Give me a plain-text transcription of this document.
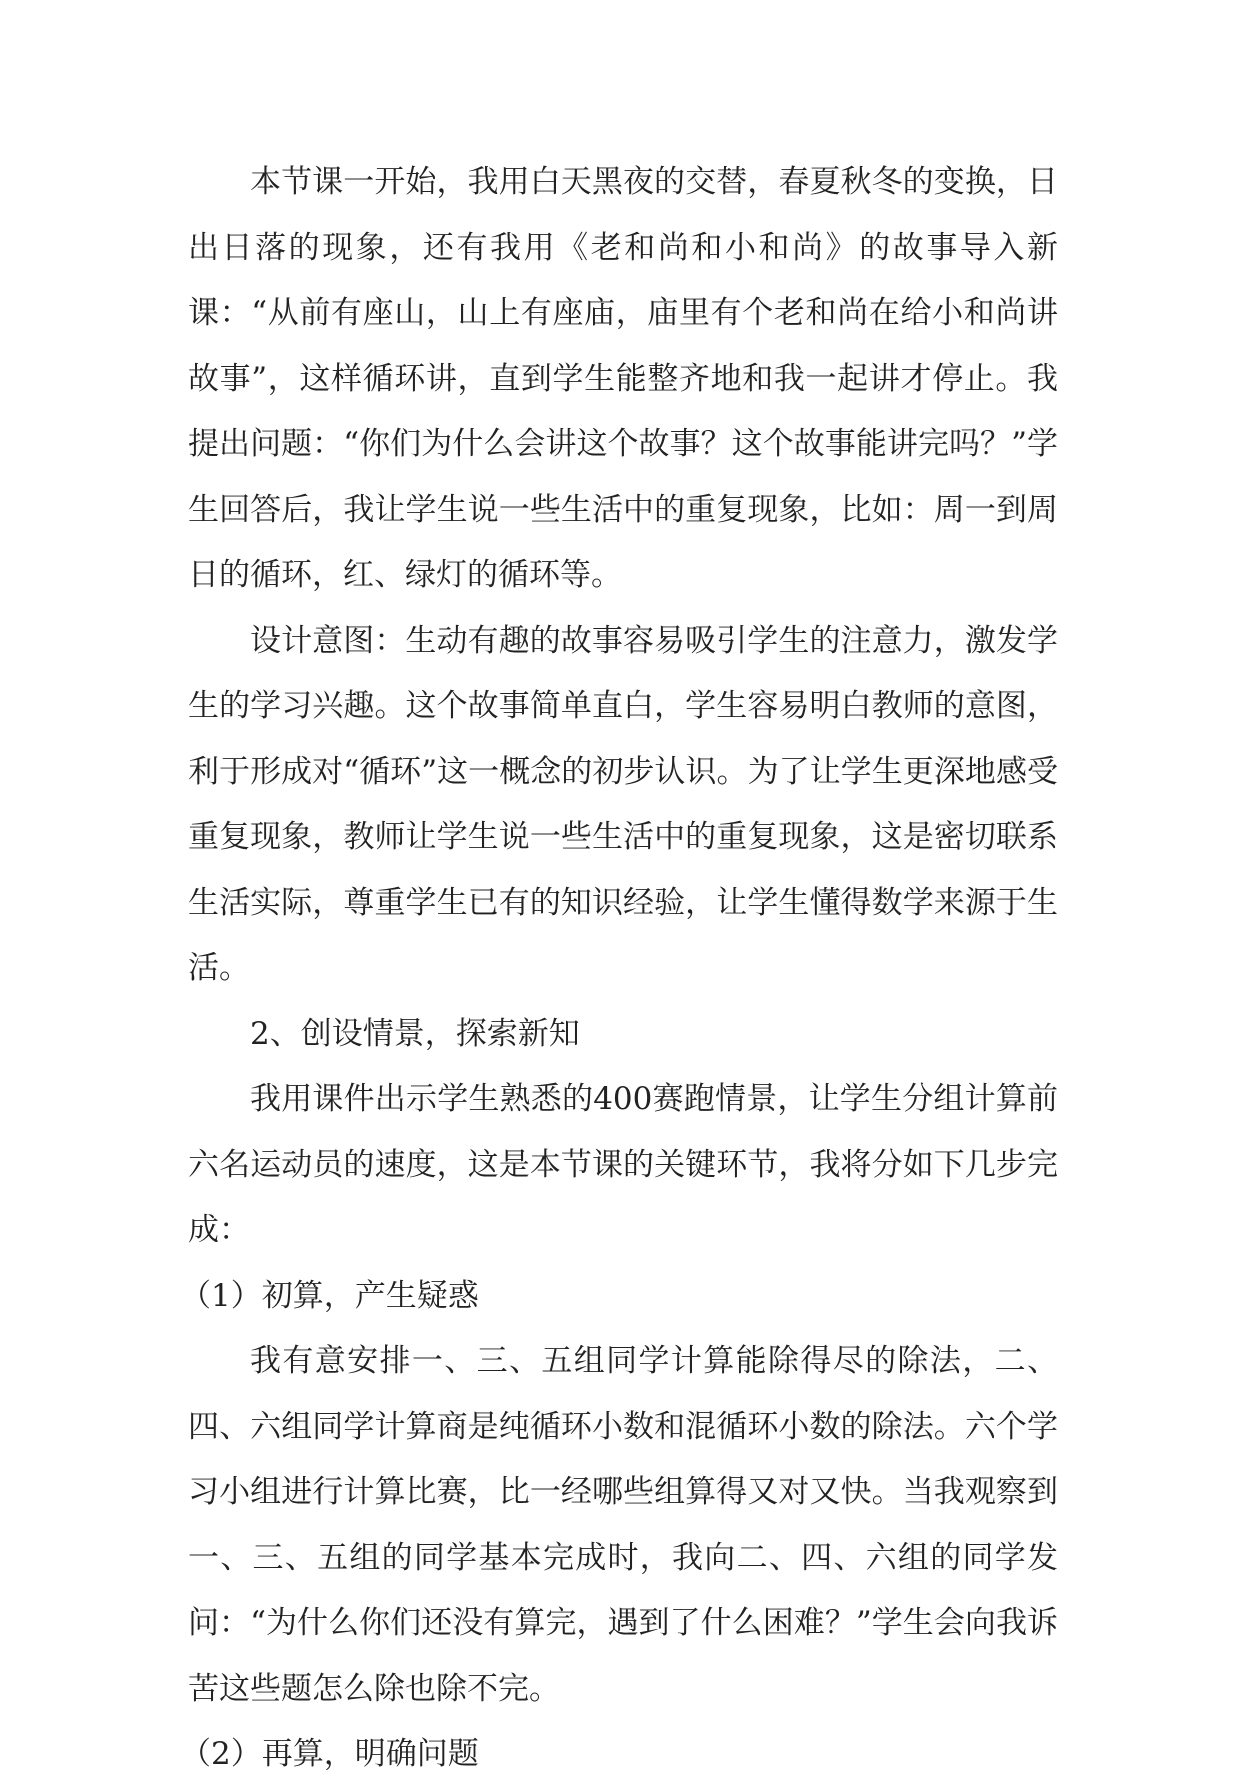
本节课一开始，我用白天黑夜的交替，春夏秋冬的变换，日出日落的现象，还有我用《老和尚和小和尚》的故事导入新课：“从前有座山，山上有座庙，庙里有个老和尚在给小和尚讲故事”，这样循环讲，直到学生能整齐地和我一起讲才停止。我提出问题：“你们为什么会讲这个故事？这个故事能讲完吗？”学生回答后，我让学生说一些生活中的重复现象，比如：周一到周日的循环，红、绿灯的循环等。

设计意图：生动有趣的故事容易吸引学生的注意力，激发学生的学习兴趣。这个故事简单直白，学生容易明白教师的意图，利于形成对“循环”这一概念的初步认识。为了让学生更深地感受重复现象，教师让学生说一些生活中的重复现象，这是密切联系生活实际，尊重学生已有的知识经验，让学生懂得数学来源于生活。

2、创设情景，探索新知

我用课件出示学生熟悉的400赛跑情景，让学生分组计算前六名运动员的速度，这是本节课的关键环节，我将分如下几步完成：

（1）初算，产生疑惑

我有意安排一、三、五组同学计算能除得尽的除法，二、四、六组同学计算商是纯循环小数和混循环小数的除法。六个学习小组进行计算比赛，比一经哪些组算得又对又快。当我观察到一、三、五组的同学基本完成时，我向二、四、六组的同学发问：“为什么你们还没有算完，遇到了什么困难？”学生会向我诉苦这些题怎么除也除不完。

（2）再算，明确问题
